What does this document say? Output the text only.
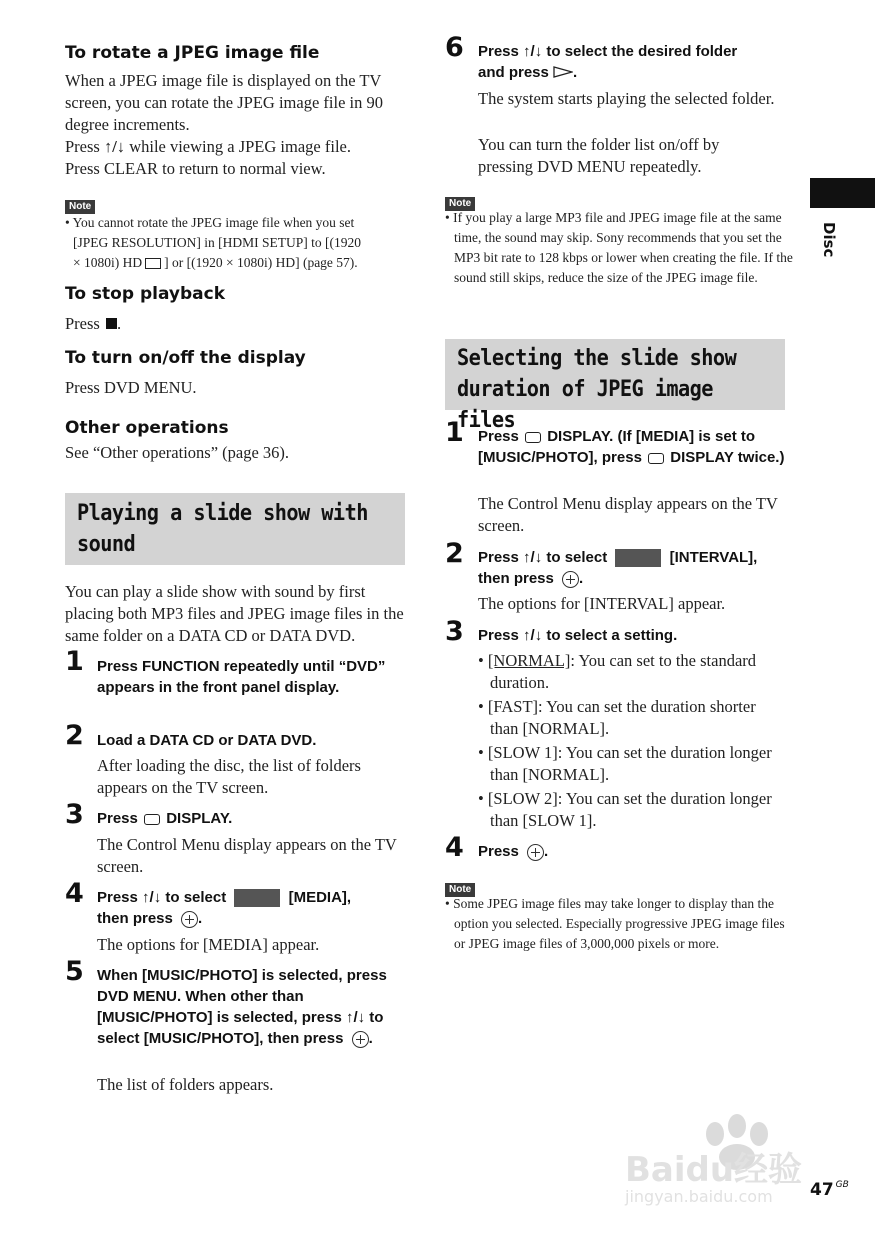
To rotate a JPEG image file
When a JPEG image file is displayed on the TV screen, you can rotate the JPEG image file in 90 degree increments.
Press ↑/↓ while viewing a JPEG image file.
Press CLEAR to return to normal view.
Note
• You cannot rotate the JPEG image file when you set
[JPEG RESOLUTION] in [HDMI SETUP] to [(1920
× 1080i) HD ] or [(1920 × 1080i) HD] (page 57).
To stop playback
Press .
To turn on/off the display
Press DVD MENU.
Other operations
See “Other operations” (page 36).
Playing a slide show with
sound
You can play a slide show with sound by first placing both MP3 files and JPEG image files in the same folder on a DATA CD or DATA DVD.
1 Press FUNCTION repeatedly until “DVD” appears in the front panel display.
2 Load a DATA CD or DATA DVD.
After loading the disc, the list of folders appears on the TV screen.
3 Press  DISPLAY.
The Control Menu display appears on the TV screen.
4 Press ↑/↓ to select	[MEDIA],
then press .
The options for [MEDIA] appear.
5 When [MUSIC/PHOTO] is selected, press DVD MENU. When other than [MUSIC/PHOTO] is selected, press ↑/↓ to select [MUSIC/PHOTO], then press .
The list of folders appears.
6 Press ↑/↓ to select the desired folder
and press .
The system starts playing the selected folder.
You can turn the folder list on/off by pressing DVD MENU repeatedly.
Note
• If you play a large MP3 file and JPEG image file at the same time, the sound may skip. Sony recommends that you set the MP3 bit rate to 128 kbps or lower when creating the file. If the sound still skips, reduce the size of the JPEG image file.
Selecting the slide show
duration of JPEG image files
1 Press  DISPLAY. (If [MEDIA] is set to [MUSIC/PHOTO], press  DISPLAY twice.)
The Control Menu display appears on the TV screen.
2 Press ↑/↓ to select	[INTERVAL],
then press .
The options for [INTERVAL] appear.
3 Press ↑/↓ to select a setting.
• [NORMAL]: You can set to the standard duration.
• [FAST]: You can set the duration shorter than [NORMAL].
• [SLOW 1]: You can set the duration longer than [NORMAL].
• [SLOW 2]: You can set the duration longer than [SLOW 1].
4 Press .
Note
• Some JPEG image files may take longer to display than the option you selected. Especially progressive JPEG image files or JPEG image files of 3,000,000 pixels or more.
Disc
Baidu经验
jingyan.baidu.com 47 $^{GB}$
